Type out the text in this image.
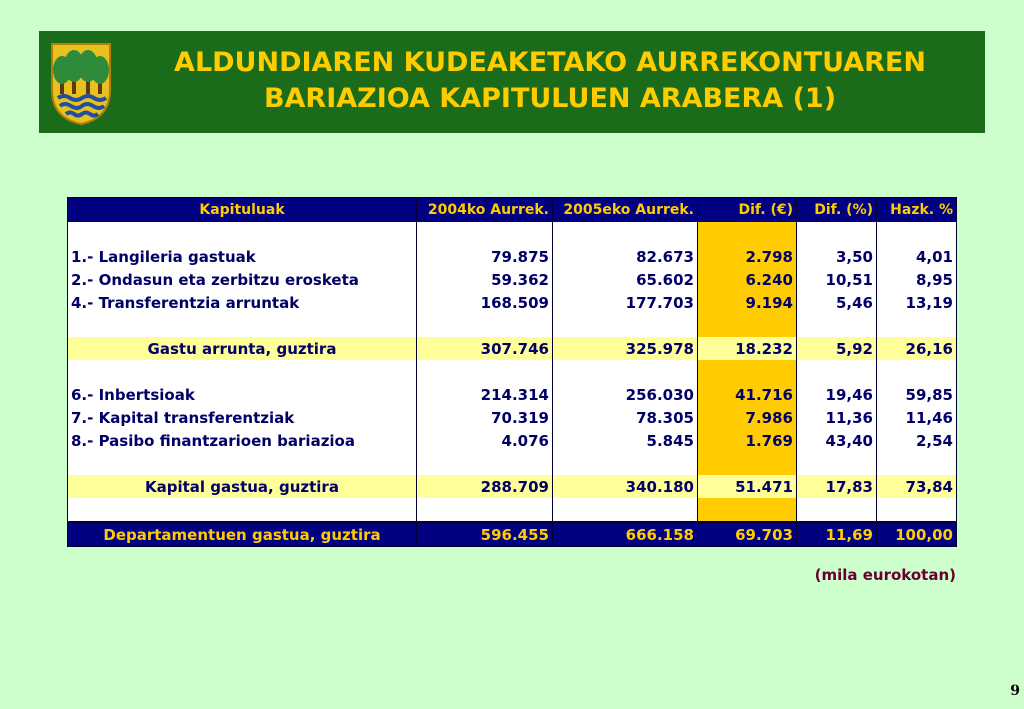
ALDUNDIAREN KUDEAKETAKO AURREKONTUAREN
BARIAZIOA KAPITULUEN ARABERA (1)
Kapituluak	2004ko Aurrek.	2005eko Aurrek.	Dif. (€)	Dif. (%)	Hazk. %

1.- Langileria gastuak	79.875	82.673	2.798	3,50	4,01
2.- Ondasun eta zerbitzu erosketa	59.362	65.602	6.240	10,51	8,95
4.- Transferentzia arruntak	168.509	177.703	9.194	5,46	13,19

Gastu arrunta, guztira	307.746	325.978	18.232	5,92	26,16

6.- Inbertsioak	214.314	256.030	41.716	19,46	59,85
7.- Kapital transferentziak	70.319	78.305	7.986	11,36	11,46
8.- Pasibo finantzarioen bariazioa	4.076	5.845	1.769	43,40	2,54

Kapital gastua, guztira	288.709	340.180	51.471	17,83	73,84

Departamentuen gastua, guztira	596.455	666.158	69.703	11,69	100,00
(mila eurokotan)
9
